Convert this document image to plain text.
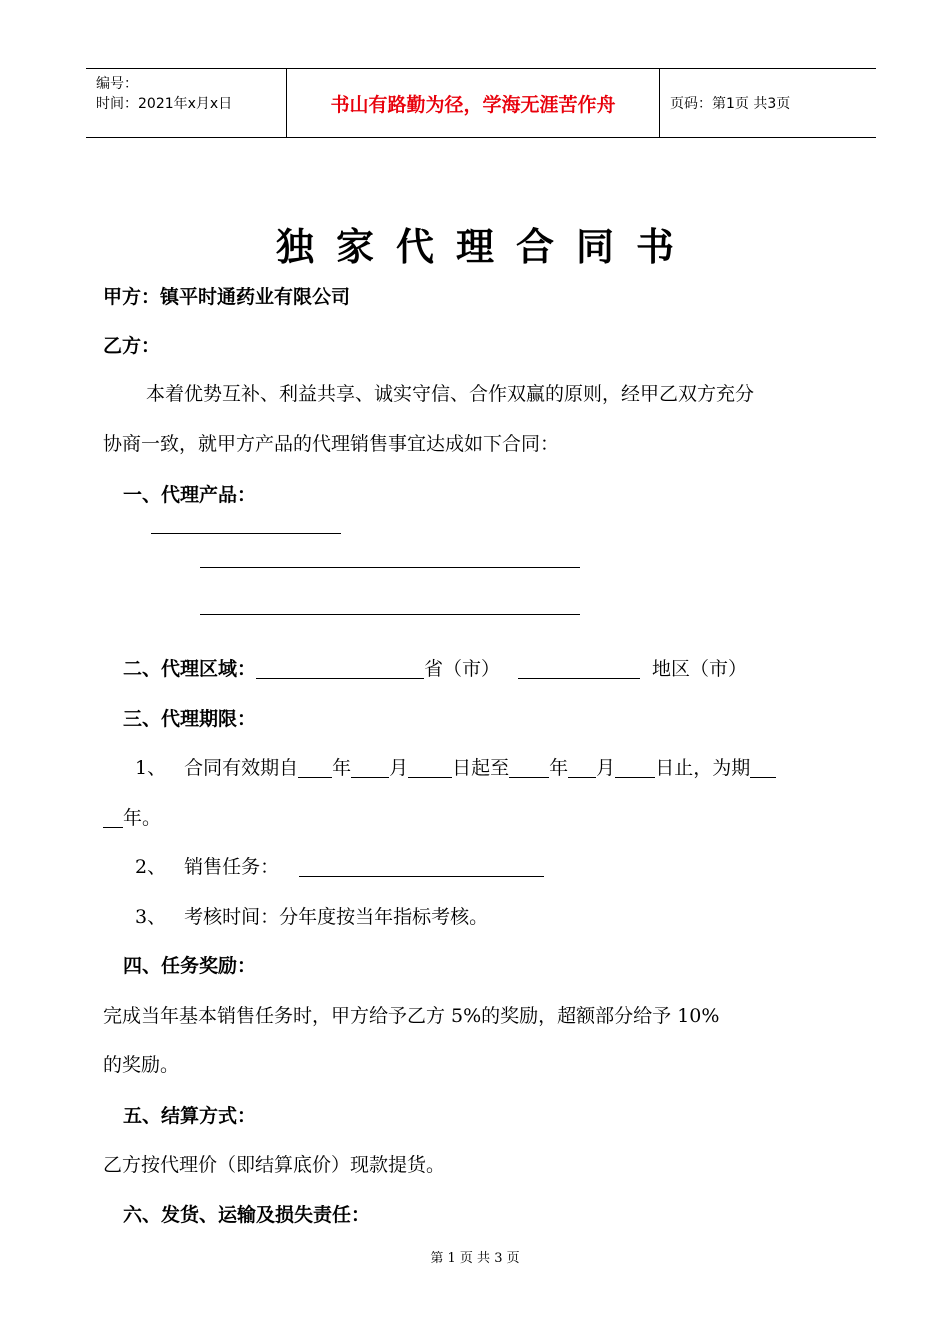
编号：
时间：2021年x月x日	书山有路勤为径，学海无涯苦作舟	页码：第1页 共3页
独家代理合同书
甲方：镇平时通药业有限公司
乙方：
本着优势互补、利益共享、诚实守信、合作双赢的原则，经甲乙双方充分
协商一致，就甲方产品的代理销售事宜达成如下合同：
一、代理产品：
二、代理区域：	省（市）	地区（市）
三、代理期限：
1、 合同有效期自 年 月 日起至 年 月 日止，为期
年。
2、 销售任务：
3、 考核时间：分年度按当年指标考核。
四、任务奖励：
完成当年基本销售任务时，甲方给予乙方 5%的奖励，超额部分给予 10%
的奖励。
五、结算方式：
乙方按代理价（即结算底价）现款提货。
六、发货、运输及损失责任：
第 1 页 共 3 页
